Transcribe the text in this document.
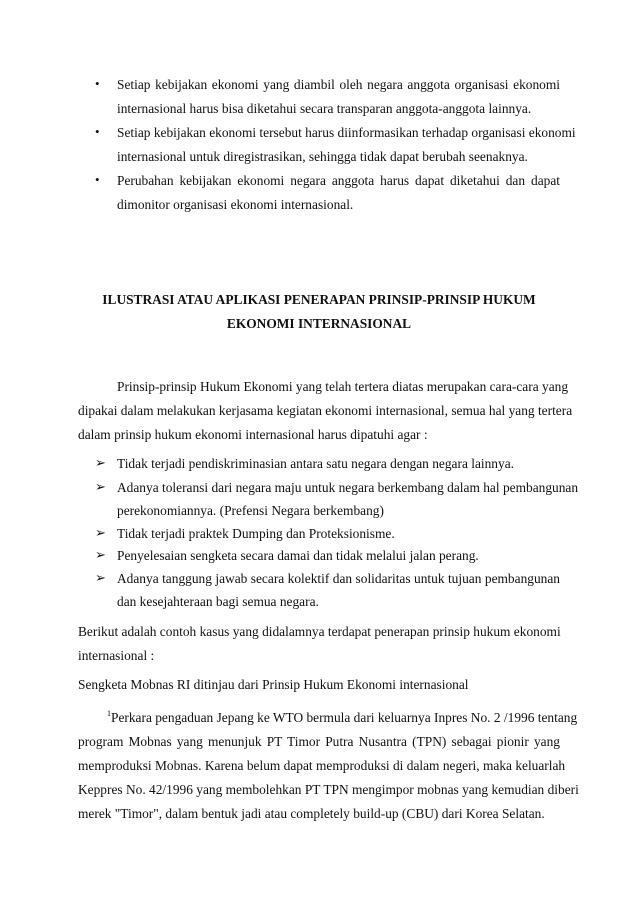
• Setiap kebijakan ekonomi yang diambil oleh negara anggota organisasi ekonomi
internasional harus bisa diketahui secara transparan anggota-anggota lainnya.
• Setiap kebijakan ekonomi tersebut harus diinformasikan terhadap organisasi ekonomi
internasional untuk diregistrasikan, sehingga tidak dapat berubah seenaknya.
• Perubahan kebijakan ekonomi negara anggota harus dapat diketahui dan dapat
dimonitor organisasi ekonomi internasional.
ILUSTRASI ATAU APLIKASI PENERAPAN PRINSIP-PRINSIP HUKUM
EKONOMI INTERNASIONAL
Prinsip-prinsip Hukum Ekonomi yang telah tertera diatas merupakan cara-cara yang
dipakai dalam melakukan kerjasama kegiatan ekonomi internasional, semua hal yang tertera
dalam prinsip hukum ekonomi internasional harus dipatuhi agar :
➢ Tidak terjadi pendiskriminasian antara satu negara dengan negara lainnya.
➢ Adanya toleransi dari negara maju untuk negara berkembang dalam hal pembangunan
perekonomiannya. (Prefensi Negara berkembang)
➢ Tidak terjadi praktek Dumping dan Proteksionisme.
➢ Penyelesaian sengketa secara damai dan tidak melalui jalan perang.
➢ Adanya tanggung jawab secara kolektif dan solidaritas untuk tujuan pembangunan
dan kesejahteraan bagi semua negara.
Berikut adalah contoh kasus yang didalamnya terdapat penerapan prinsip hukum ekonomi
internasional :
Sengketa Mobnas RI ditinjau dari Prinsip Hukum Ekonomi internasional
$^1$Perkara pengaduan Jepang ke WTO bermula dari keluarnya Inpres No. 2 /1996 tentang
program Mobnas yang menunjuk PT Timor Putra Nusantra (TPN) sebagai pionir yang
memproduksi Mobnas. Karena belum dapat memproduksi di dalam negeri, maka keluarlah
Keppres No. 42/1996 yang membolehkan PT TPN mengimpor mobnas yang kemudian diberi
merek "Timor", dalam bentuk jadi atau completely build-up (CBU) dari Korea Selatan.
